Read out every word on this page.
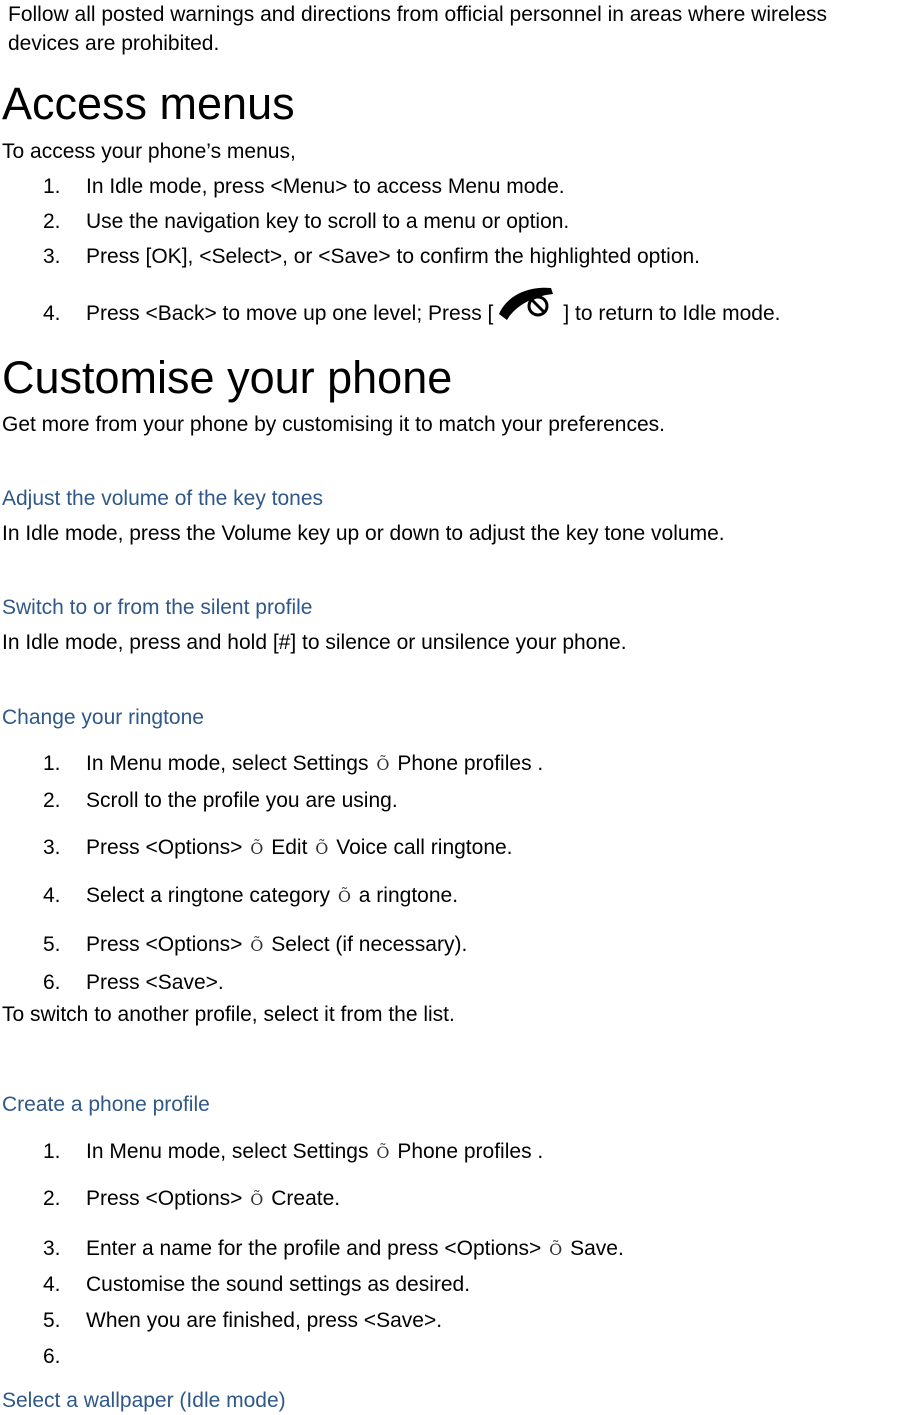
Follow all posted warnings and directions from official personnel in areas where wireless devices are prohibited.
Access menus
To access your phone’s menus,
1. In Idle mode, press <Menu> to access Menu mode.
2. Use the navigation key to scroll to a menu or option.
3. Press [OK], <Select>, or <Save> to confirm the highlighted option.
4. Press <Back> to move up one level; Press [	] to return to Idle mode.
Customise your phone
Get more from your phone by customising it to match your preferences.
Adjust the volume of the key tones
In Idle mode, press the Volume key up or down to adjust the key tone volume.
Switch to or from the silent profile
In Idle mode, press and hold [#] to silence or unsilence your phone.
Change your ringtone
1. In Menu mode, select Settings Õ Phone profiles .
2. Scroll to the profile you are using.
3. Press <Options> Õ Edit Õ Voice call ringtone.
4. Select a ringtone category Õ a ringtone.
5. Press <Options> Õ Select (if necessary).
6. Press <Save>.
To switch to another profile, select it from the list.
Create a phone profile
1. In Menu mode, select Settings Õ Phone profiles .
2. Press <Options> Õ Create.
3. Enter a name for the profile and press <Options> Õ Save.
4. Customise the sound settings as desired.
5. When you are finished, press <Save>.
6.
Select a wallpaper (Idle mode)
